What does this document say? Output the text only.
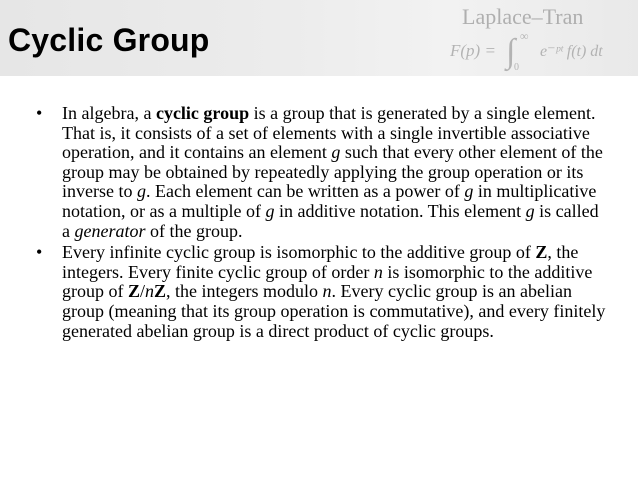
Laplace–Tran
F(p) = ∫ ∞
0
e⁻ᵖᵗ f(t) dt
Cyclic Group
• In algebra, a cyclic group is a group that is generated by a single element. That is, it consists of a set of elements with a single invertible associative operation, and it contains an element g such that every other element of the group may be obtained by repeatedly applying the group operation or its inverse to g. Each element can be written as a power of g in multiplicative notation, or as a multiple of g in additive notation. This element g is called a generator of the group.
• Every infinite cyclic group is isomorphic to the additive group of Z, the integers. Every finite cyclic group of order n is isomorphic to the additive group of Z/nZ, the integers modulo n. Every cyclic group is an abelian group (meaning that its group operation is commutative), and every finitely generated abelian group is a direct product of cyclic groups.
